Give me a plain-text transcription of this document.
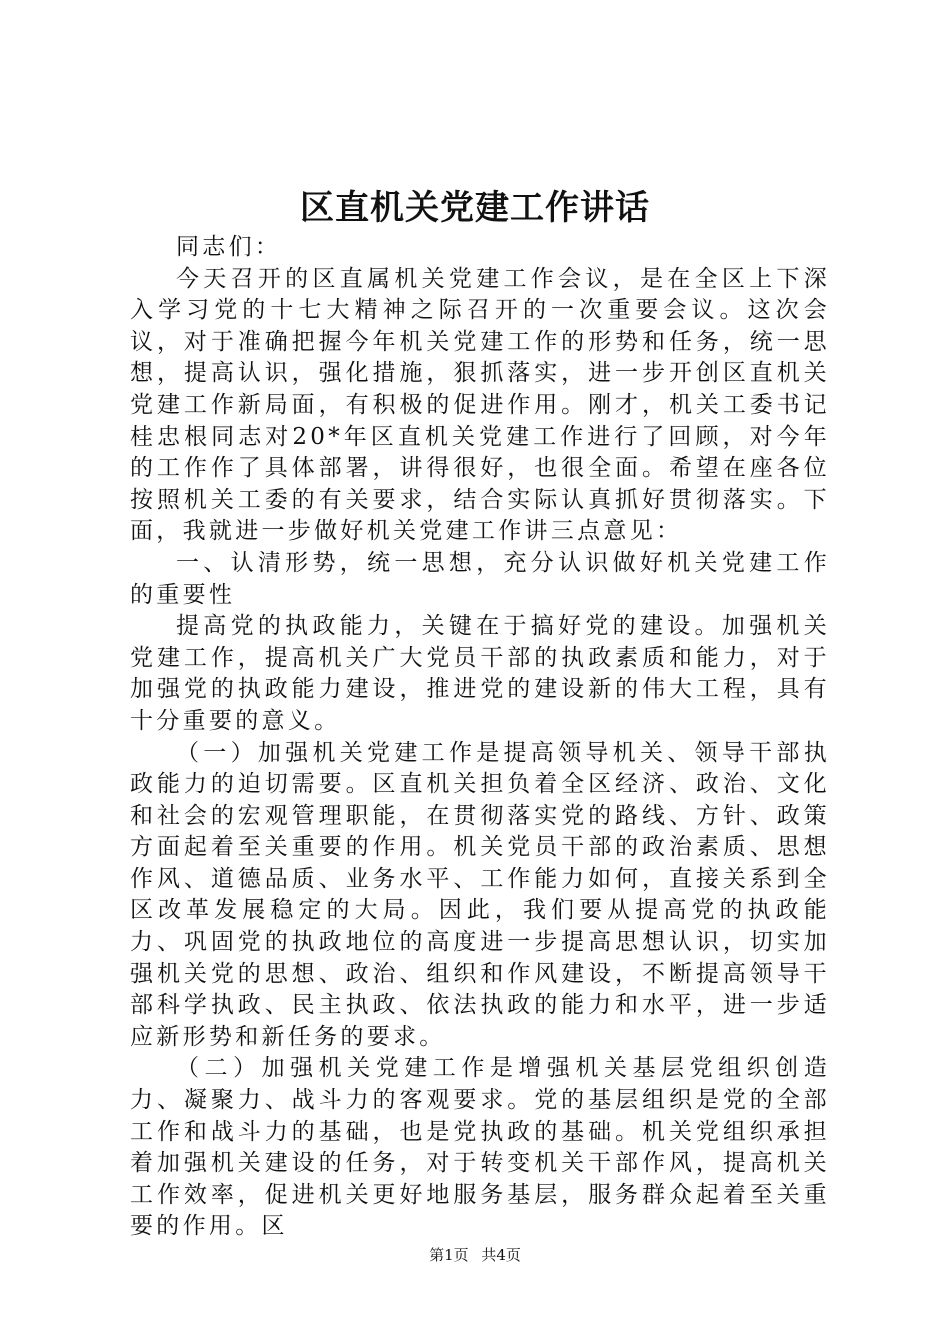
区直机关党建工作讲话

同志们：

今天召开的区直属机关党建工作会议，是在全区上下深入学习党的十七大精神之际召开的一次重要会议。这次会议，对于准确把握今年机关党建工作的形势和任务，统一思想，提高认识，强化措施，狠抓落实，进一步开创区直机关党建工作新局面，有积极的促进作用。刚才，机关工委书记桂忠根同志对20*年区直机关党建工作进行了回顾，对今年的工作作了具体部署，讲得很好，也很全面。希望在座各位按照机关工委的有关要求，结合实际认真抓好贯彻落实。下面，我就进一步做好机关党建工作讲三点意见：

一、认清形势，统一思想，充分认识做好机关党建工作的重要性

提高党的执政能力，关键在于搞好党的建设。加强机关党建工作，提高机关广大党员干部的执政素质和能力，对于加强党的执政能力建设，推进党的建设新的伟大工程，具有十分重要的意义。

（一）加强机关党建工作是提高领导机关、领导干部执政能力的迫切需要。区直机关担负着全区经济、政治、文化和社会的宏观管理职能，在贯彻落实党的路线、方针、政策方面起着至关重要的作用。机关党员干部的政治素质、思想作风、道德品质、业务水平、工作能力如何，直接关系到全区改革发展稳定的大局。因此，我们要从提高党的执政能力、巩固党的执政地位的高度进一步提高思想认识，切实加强机关党的思想、政治、组织和作风建设，不断提高领导干部科学执政、民主执政、依法执政的能力和水平，进一步适应新形势和新任务的要求。

（二）加强机关党建工作是增强机关基层党组织创造力、凝聚力、战斗力的客观要求。党的基层组织是党的全部工作和战斗力的基础，也是党执政的基础。机关党组织承担着加强机关建设的任务，对于转变机关干部作风，提高机关工作效率，促进机关更好地服务基层，服务群众起着至关重要的作用。区

第1页 共4页
